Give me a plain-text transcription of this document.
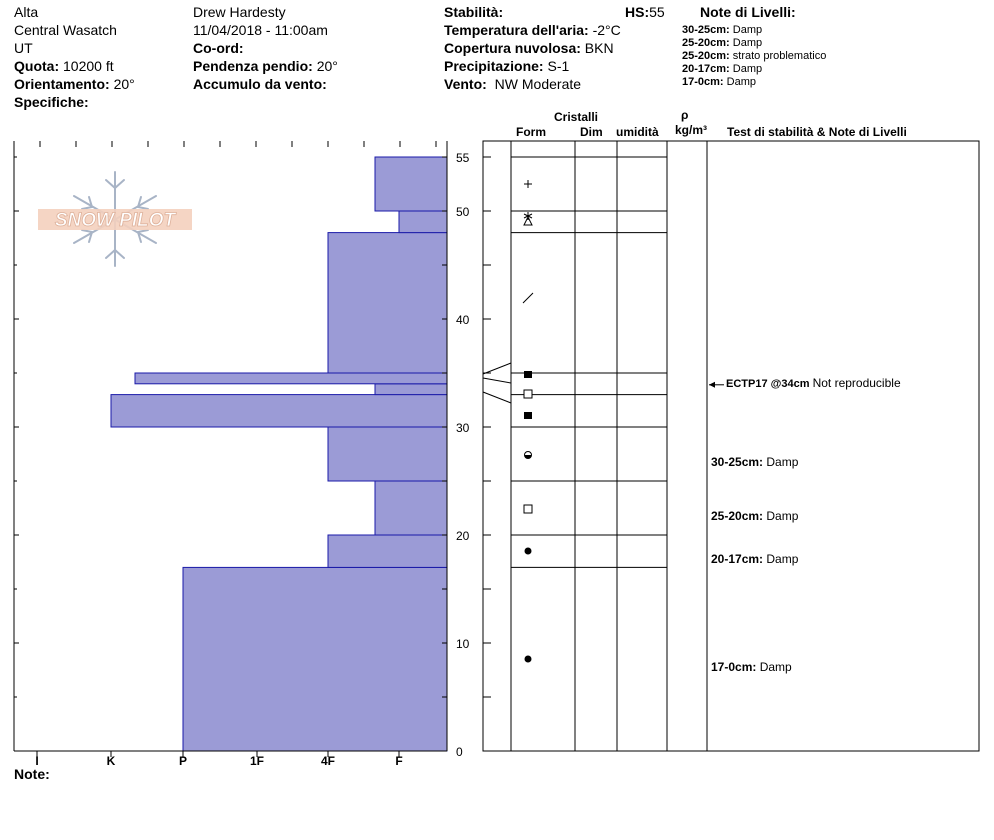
Alta
Central Wasatch
UT
Quota: 10200 ft
Orientamento: 20°
Specifiche:
Drew Hardesty
11/04/2018 - 11:00am
Co-ord:
Pendenza pendio: 20°
Accumulo da vento:
Stabilità:
Temperatura dell'aria: -2°C
Copertura nuvolosa: BKN
Precipitazione: S-1
Vento: NW Moderate
HS:55	Note di Livelli:
30-25cm: Damp
25-20cm: Damp
25-20cm: strato problematico
20-17cm: Damp
17-0cm: Damp
Cristalli
Form	Dim umidità
ρ
kg/m³ Test di stabilità & Note di Livelli
SNOW PILOT
0
10
20
30
40
50
55
I	K	P	1F	4F	F
ECTP17 @34cm Not reproducible
30-25cm: Damp
25-20cm: Damp
20-17cm: Damp
17-0cm: Damp
Note:
